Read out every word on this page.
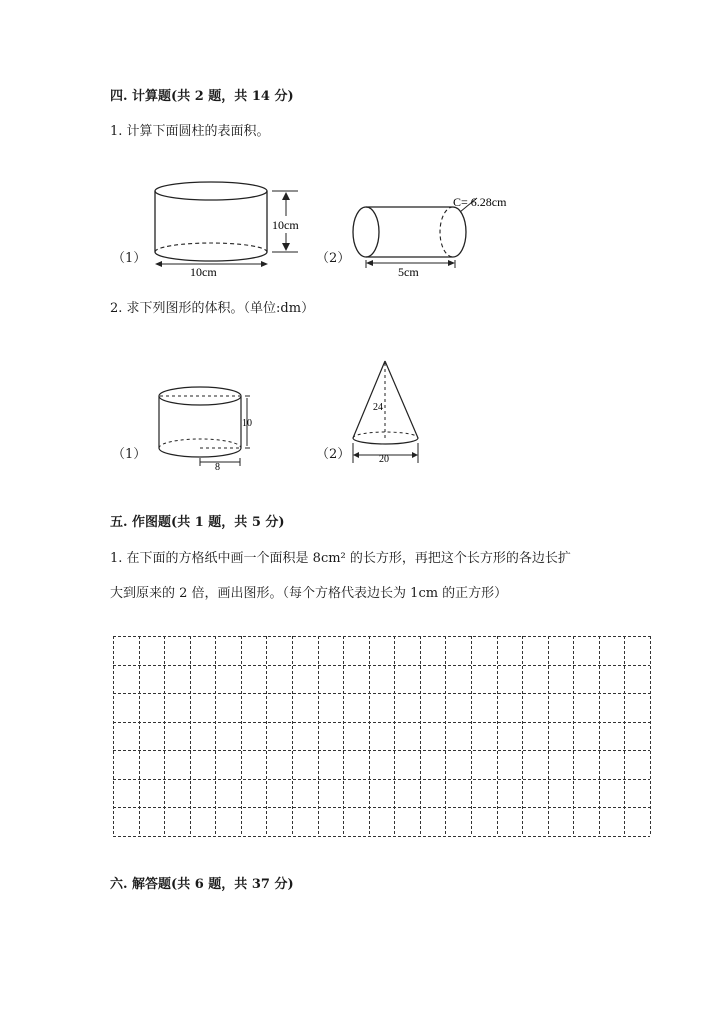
四. 计算题(共 2 题，共 14 分)
1. 计算下面圆柱的表面积。
（1）
10cm
10cm
（2）
C= 6.28cm
5cm
2. 求下列图形的体积。（单位:dm）
（1）
10
8
（2）
24
20
五. 作图题(共 1 题，共 5 分)
1. 在下面的方格纸中画一个面积是 8cm² 的长方形，再把这个长方形的各边长扩
大到原来的 2 倍，画出图形。（每个方格代表边长为 1cm 的正方形）
六. 解答题(共 6 题，共 37 分)
